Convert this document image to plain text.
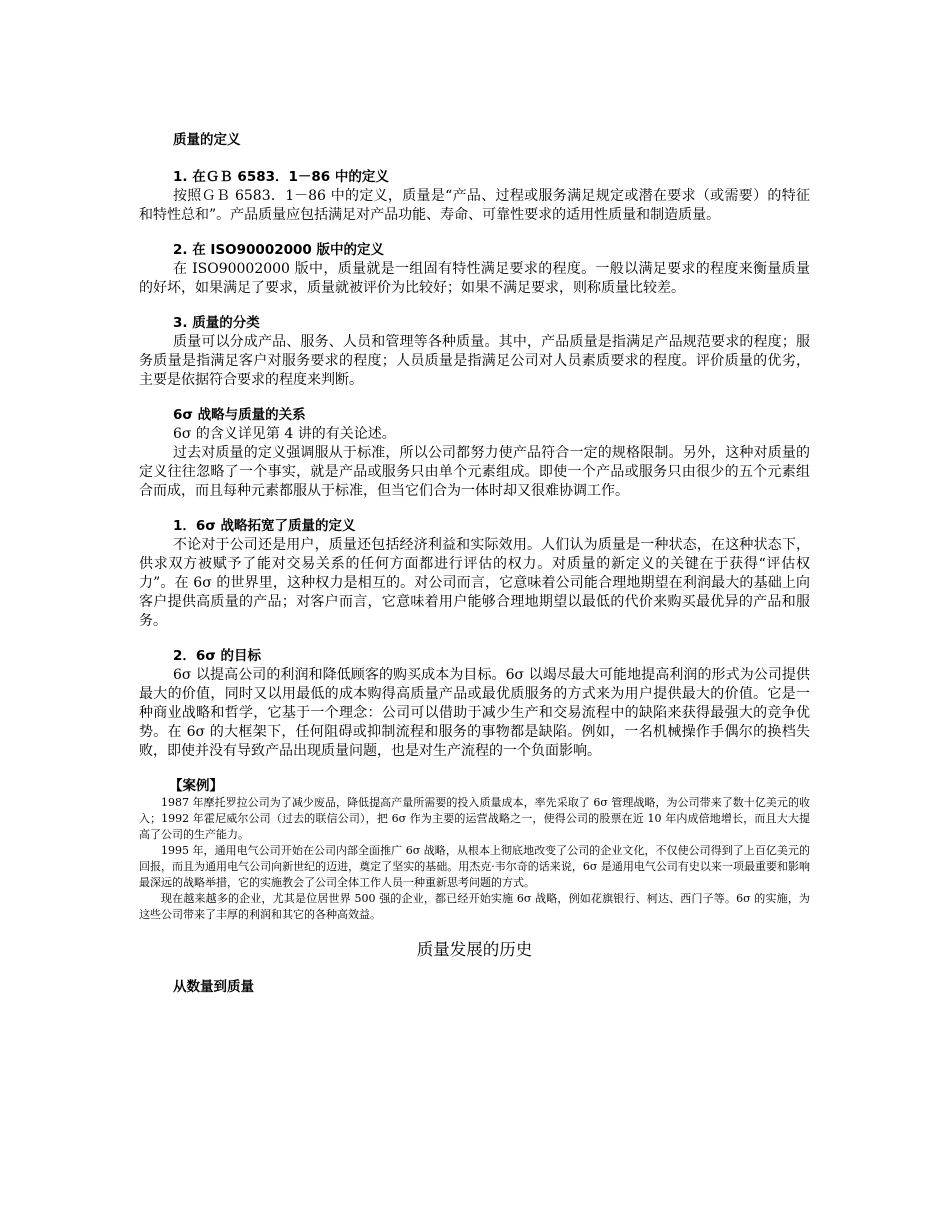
质量的定义

1. 在ＧＢ 6583．1－86 中的定义

按照ＧＢ 6583．1－86 中的定义，质量是“产品、过程或服务满足规定或潜在要求（或需要）的特征和特性总和”。产品质量应包括满足对产品功能、寿命、可靠性要求的适用性质量和制造质量。

2. 在 ISO90002000 版中的定义

在 ISO90002000 版中，质量就是一组固有特性满足要求的程度。一般以满足要求的程度来衡量质量的好坏，如果满足了要求，质量就被评价为比较好；如果不满足要求，则称质量比较差。

3. 质量的分类

质量可以分成产品、服务、人员和管理等各种质量。其中，产品质量是指满足产品规范要求的程度；服务质量是指满足客户对服务要求的程度；人员质量是指满足公司对人员素质要求的程度。评价质量的优劣，主要是依据符合要求的程度来判断。

6σ 战略与质量的关系

6σ 的含义详见第 4 讲的有关论述。

过去对质量的定义强调服从于标准，所以公司都努力使产品符合一定的规格限制。另外，这种对质量的定义往往忽略了一个事实，就是产品或服务只由单个元素组成。即使一个产品或服务只由很少的五个元素组合而成，而且每种元素都服从于标准，但当它们合为一体时却又很难协调工作。

1．6σ 战略拓宽了质量的定义

不论对于公司还是用户，质量还包括经济利益和实际效用。人们认为质量是一种状态，在这种状态下，供求双方被赋予了能对交易关系的任何方面都进行评估的权力。对质量的新定义的关键在于获得“评估权力”。在 6σ 的世界里，这种权力是相互的。对公司而言，它意味着公司能合理地期望在利润最大的基础上向客户提供高质量的产品；对客户而言，它意味着用户能够合理地期望以最低的代价来购买最优异的产品和服务。

2．6σ 的目标

6σ 以提高公司的利润和降低顾客的购买成本为目标。6σ 以竭尽最大可能地提高利润的形式为公司提供最大的价值，同时又以用最低的成本购得高质量产品或最优质服务的方式来为用户提供最大的价值。它是一种商业战略和哲学，它基于一个理念：公司可以借助于减少生产和交易流程中的缺陷来获得最强大的竞争优势。在 6σ 的大框架下，任何阻碍或抑制流程和服务的事物都是缺陷。例如，一名机械操作手偶尔的换档失败，即使并没有导致产品出现质量问题，也是对生产流程的一个负面影响。

【案例】

1987 年摩托罗拉公司为了减少废品，降低提高产量所需要的投入质量成本，率先采取了 6σ 管理战略，为公司带来了数十亿美元的收入；1992 年霍尼威尔公司（过去的联信公司），把 6σ 作为主要的运营战略之一，使得公司的股票在近 10 年内成倍地增长，而且大大提高了公司的生产能力。

1995 年，通用电气公司开始在公司内部全面推广 6σ 战略，从根本上彻底地改变了公司的企业文化，不仅使公司得到了上百亿美元的回报，而且为通用电气公司向新世纪的迈进，奠定了坚实的基础。用杰克·韦尔奇的话来说，6σ 是通用电气公司有史以来一项最重要和影响最深远的战略举措，它的实施教会了公司全体工作人员一种重新思考问题的方式。

现在越来越多的企业，尤其是位居世界 500 强的企业，都已经开始实施 6σ 战略，例如花旗银行、柯达、西门子等。6σ 的实施，为这些公司带来了丰厚的利润和其它的各种高效益。

质量发展的历史

从数量到质量
